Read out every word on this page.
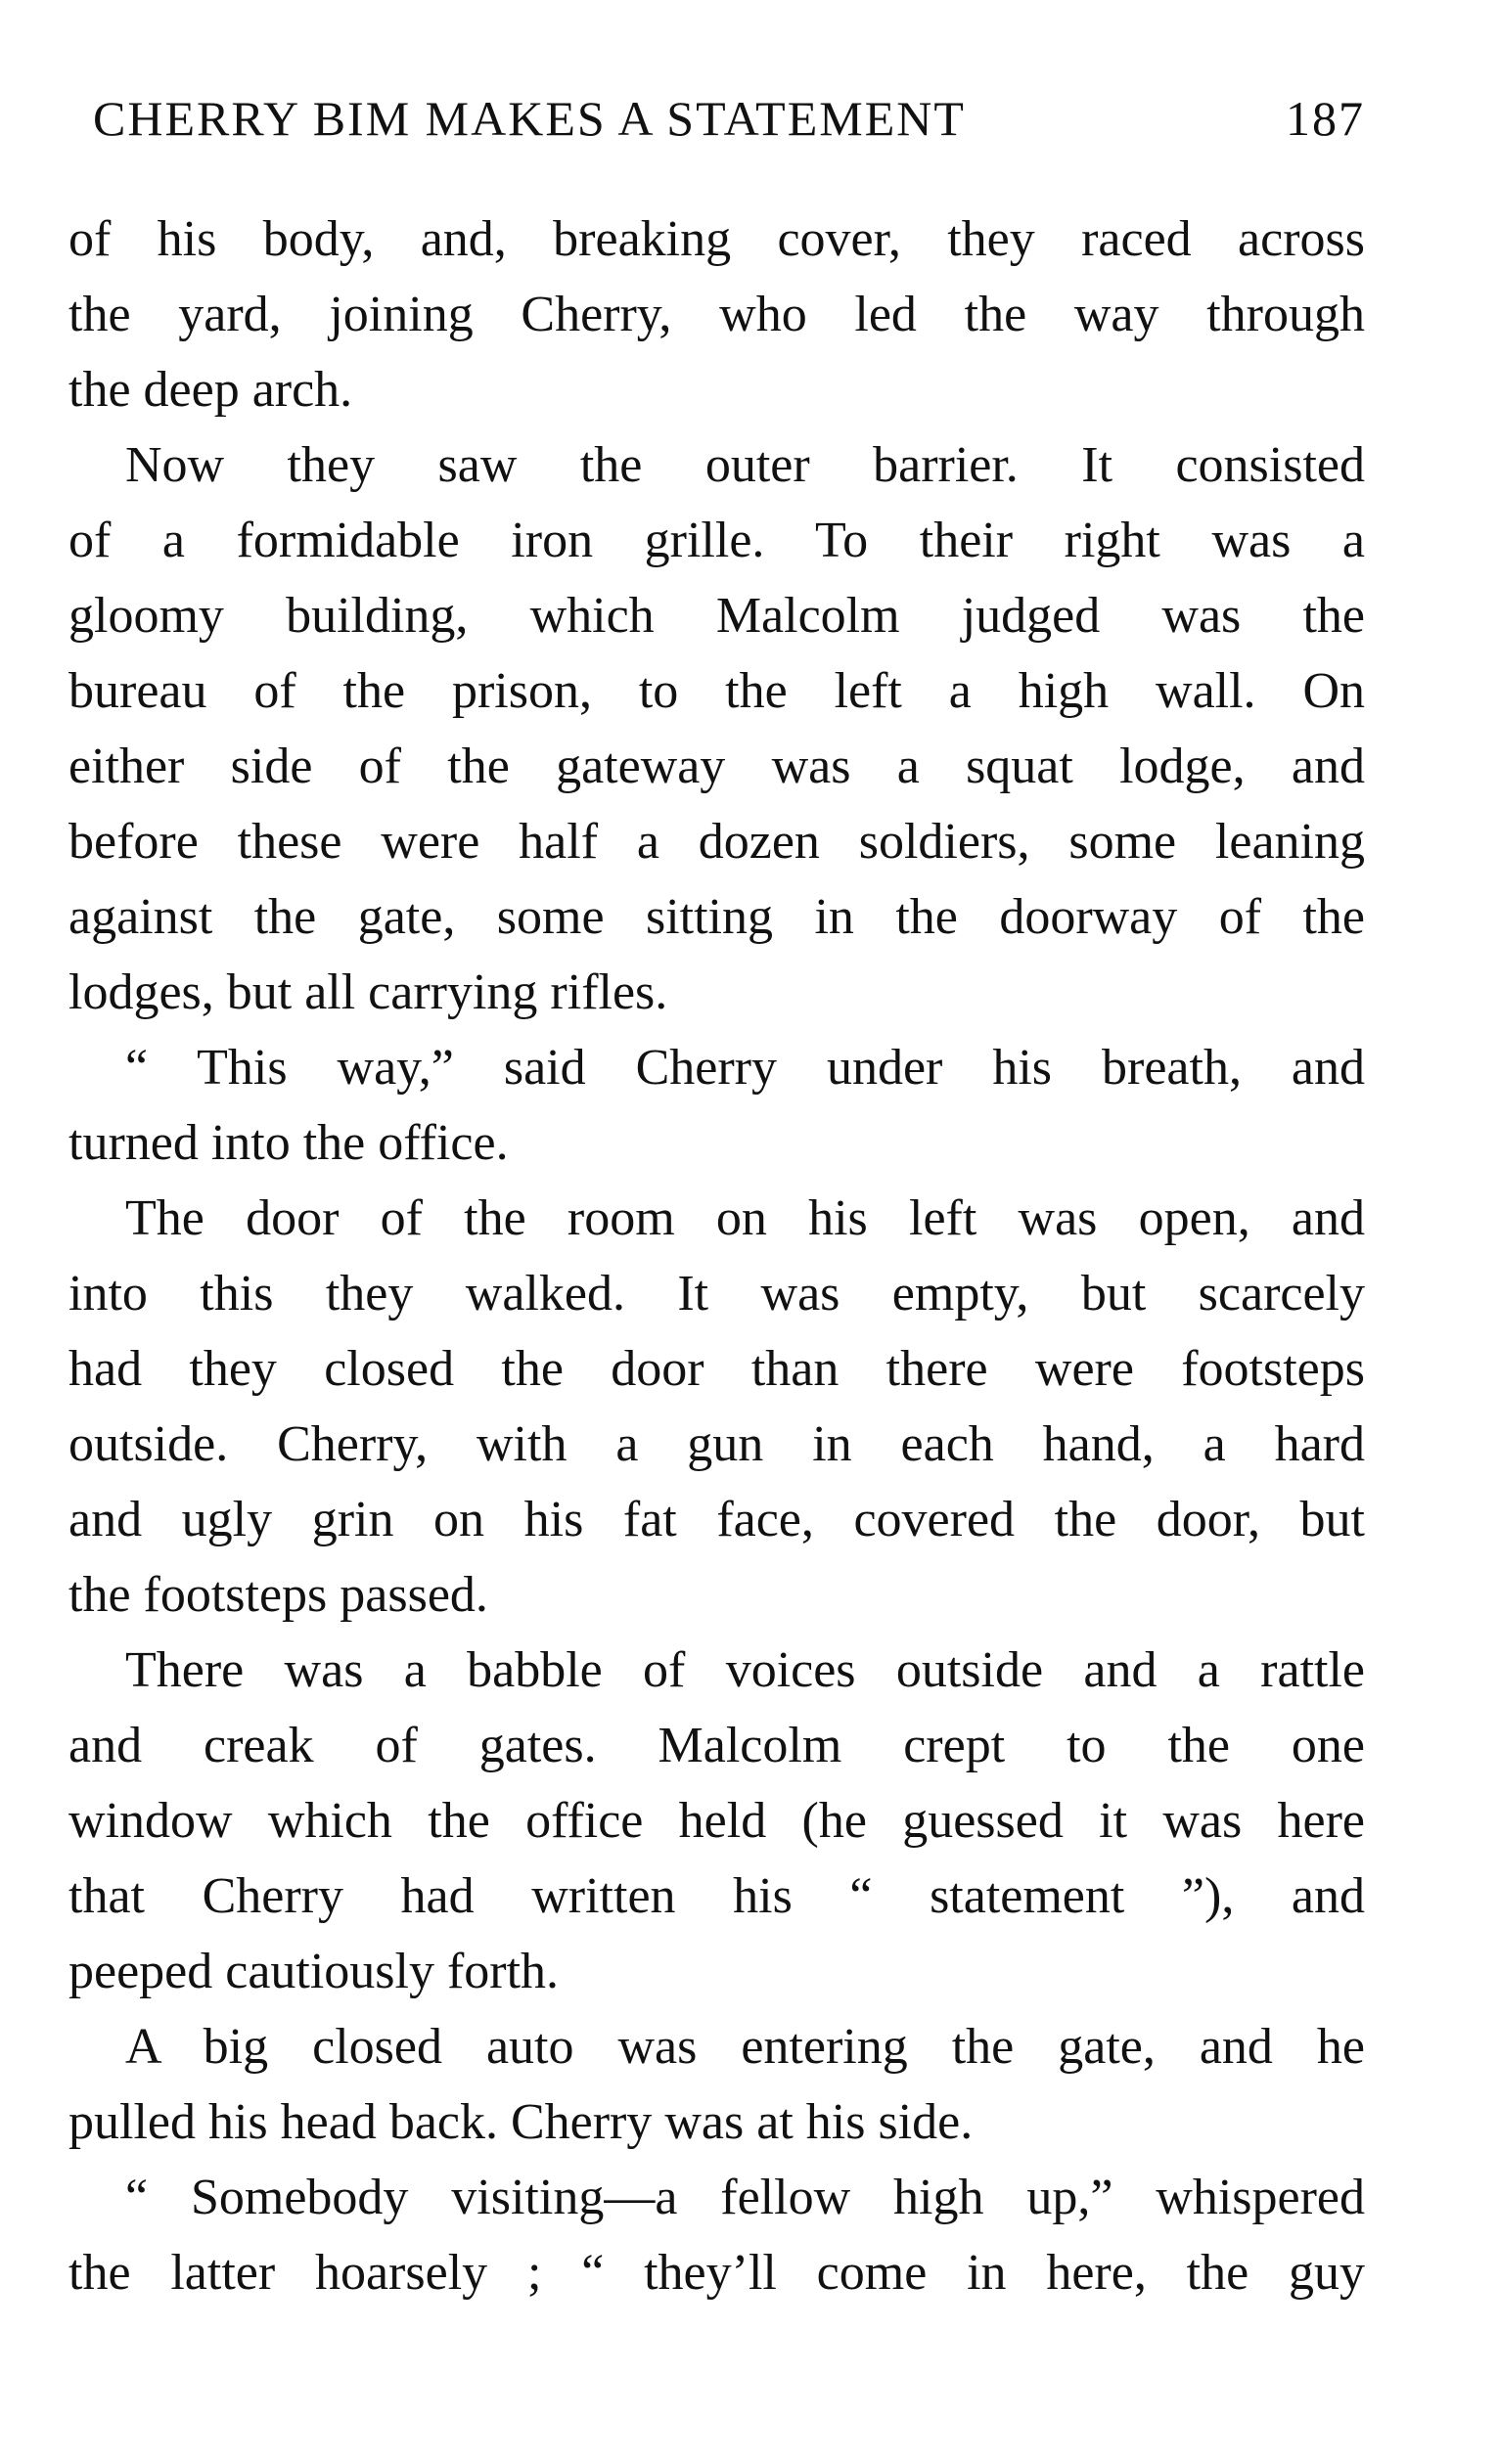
CHERRY BIM MAKES A STATEMENT	187
of his body, and, breaking cover, they raced across
the yard, joining Cherry, who led the way through
the deep arch.
Now they saw the outer barrier. It consisted
of a formidable iron grille. To their right was a
gloomy building, which Malcolm judged was the
bureau of the prison, to the left a high wall. On
either side of the gateway was a squat lodge, and
before these were half a dozen soldiers, some leaning
against the gate, some sitting in the doorway of the
lodges, but all carrying rifles.
“ This way,” said Cherry under his breath, and
turned into the office.
The door of the room on his left was open, and
into this they walked. It was empty, but scarcely
had they closed the door than there were footsteps
outside. Cherry, with a gun in each hand, a hard
and ugly grin on his fat face, covered the door, but
the footsteps passed.
There was a babble of voices outside and a rattle
and creak of gates. Malcolm crept to the one
window which the office held (he guessed it was here
that Cherry had written his “ statement ”), and
peeped cautiously forth.
A big closed auto was entering the gate, and he
pulled his head back. Cherry was at his side.
“ Somebody visiting—a fellow high up,” whispered
the latter hoarsely ; “ they’ll come in here, the guy
